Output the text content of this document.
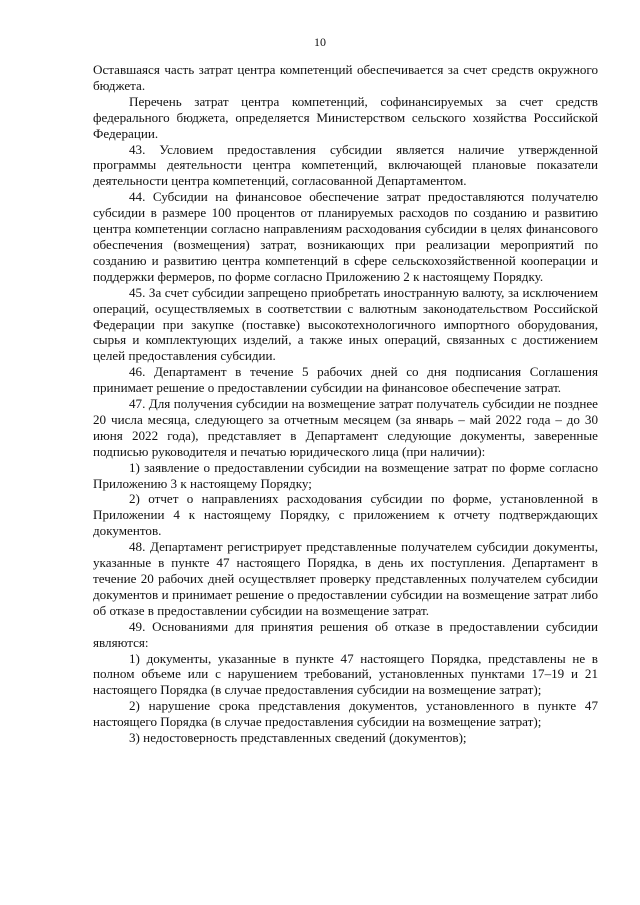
10

Оставшаяся часть затрат центра компетенций обеспечивается за счет средств окружного бюджета.

Перечень затрат центра компетенций, софинансируемых за счет средств федерального бюджета, определяется Министерством сельского хозяйства Российской Федерации.

43. Условием предоставления субсидии является наличие утвержденной программы деятельности центра компетенций, включающей плановые показатели деятельности центра компетенций, согласованной Департаментом.

44. Субсидии на финансовое обеспечение затрат предоставляются получателю субсидии в размере 100 процентов от планируемых расходов по созданию и развитию центра компетенции согласно направлениям расходования субсидии в целях финансового обеспечения (возмещения) затрат, возникающих при реализации мероприятий по созданию и развитию центра компетенций в сфере сельскохозяйственной кооперации и поддержки фермеров, по форме согласно Приложению 2 к настоящему Порядку.

45. За счет субсидии запрещено приобретать иностранную валюту, за исключением операций, осуществляемых в соответствии с валютным законодательством Российской Федерации при закупке (поставке) высокотехнологичного импортного оборудования, сырья и комплектующих изделий, а также иных операций, связанных с достижением целей предоставления субсидии.

46. Департамент в течение 5 рабочих дней со дня подписания Соглашения принимает решение о предоставлении субсидии на финансовое обеспечение затрат.

47. Для получения субсидии на возмещение затрат получатель субсидии не позднее 20 числа месяца, следующего за отчетным месяцем (за январь – май 2022 года – до 30 июня 2022 года), представляет в Департамент следующие документы, заверенные подписью руководителя и печатью юридического лица (при наличии):

1) заявление о предоставлении субсидии на возмещение затрат по форме согласно Приложению 3 к настоящему Порядку;

2) отчет о направлениях расходования субсидии по форме, установленной в Приложении 4 к настоящему Порядку, с приложением к отчету подтверждающих документов.

48. Департамент регистрирует представленные получателем субсидии документы, указанные в пункте 47 настоящего Порядка, в день их поступления. Департамент в течение 20 рабочих дней осуществляет проверку представленных получателем субсидии документов и принимает решение о предоставлении субсидии на возмещение затрат либо об отказе в предоставлении субсидии на возмещение затрат.

49. Основаниями для принятия решения об отказе в предоставлении субсидии являются:

1) документы, указанные в пункте 47 настоящего Порядка, представлены не в полном объеме или с нарушением требований, установленных пунктами 17–19 и 21 настоящего Порядка (в случае предоставления субсидии на возмещение затрат);

2) нарушение срока представления документов, установленного в пункте 47 настоящего Порядка (в случае предоставления субсидии на возмещение затрат);

3) недостоверность представленных сведений (документов);
